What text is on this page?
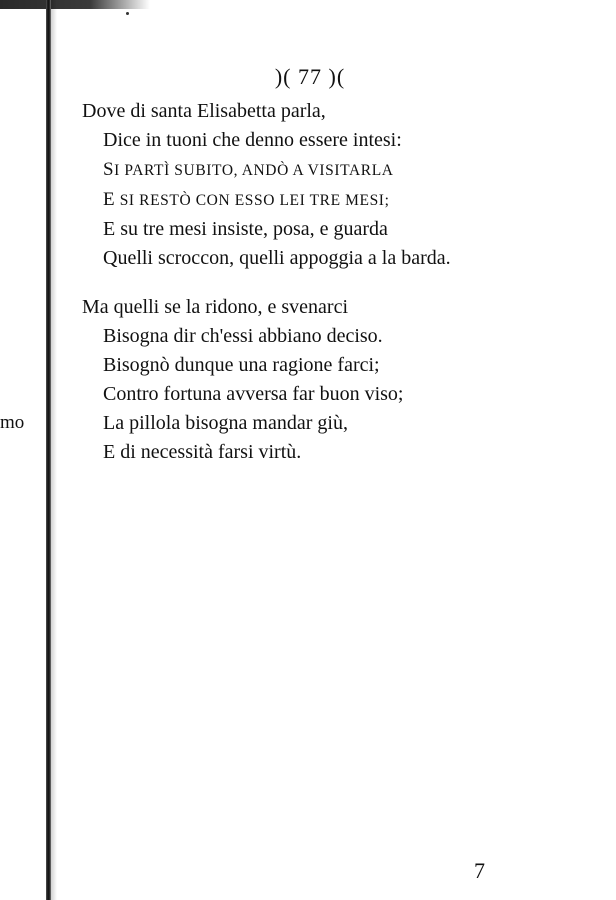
)( 77 )(
mo
Dove di santa Elisabetta parla,
Dice in tuoni che denno essere intesi:
SI PARTÌ SUBITO, ANDÒ A VISITARLA
E SI RESTÒ CON ESSO LEI TRE MESI;
E su tre mesi insiste, posa, e guarda
Quelli scroccon, quelli appoggia a la barda.
Ma quelli se la ridono, e svenarci
Bisogna dir ch'essi abbiano deciso.
Bisognò dunque una ragione farci;
Contro fortuna avversa far buon viso;
La pillola bisogna mandar giù,
E di necessità farsi virtù.
7
